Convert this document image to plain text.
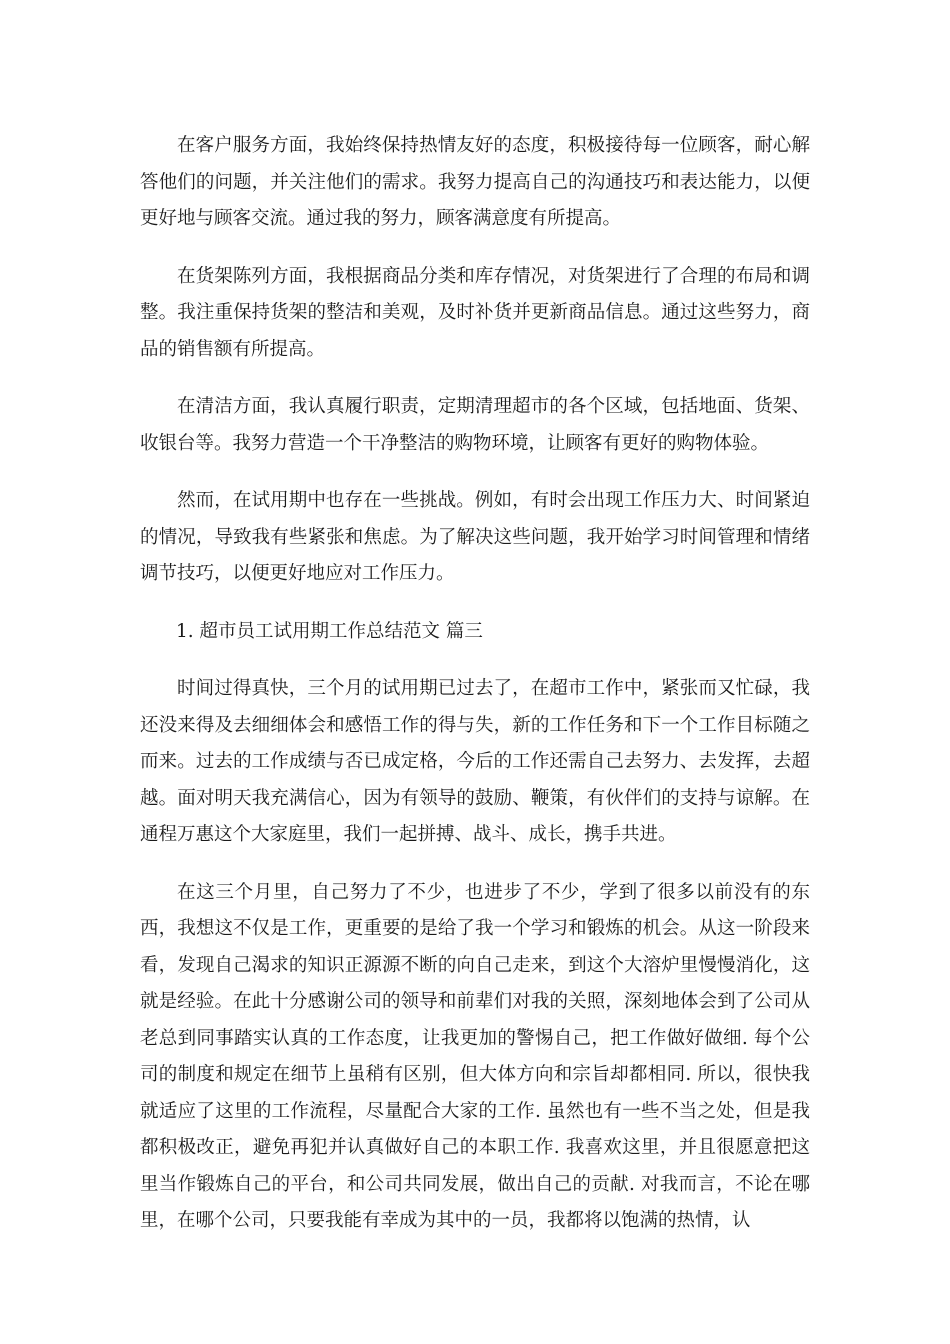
在客户服务方面，我始终保持热情友好的态度，积极接待每一位顾客，耐心解答他们的问题，并关注他们的需求。我努力提高自己的沟通技巧和表达能力，以便更好地与顾客交流。通过我的努力，顾客满意度有所提高。

在货架陈列方面，我根据商品分类和库存情况，对货架进行了合理的布局和调整。我注重保持货架的整洁和美观，及时补货并更新商品信息。通过这些努力，商品的销售额有所提高。

在清洁方面，我认真履行职责，定期清理超市的各个区域，包括地面、货架、收银台等。我努力营造一个干净整洁的购物环境，让顾客有更好的购物体验。

然而，在试用期中也存在一些挑战。例如，有时会出现工作压力大、时间紧迫的情况，导致我有些紧张和焦虑。为了解决这些问题，我开始学习时间管理和情绪调节技巧，以便更好地应对工作压力。

1. 超市员工试用期工作总结范文 篇三

时间过得真快，三个月的试用期已过去了，在超市工作中，紧张而又忙碌，我还没来得及去细细体会和感悟工作的得与失，新的工作任务和下一个工作目标随之而来。过去的工作成绩与否已成定格，今后的工作还需自己去努力、去发挥，去超越。面对明天我充满信心，因为有领导的鼓励、鞭策，有伙伴们的支持与谅解。在通程万惠这个大家庭里，我们一起拼搏、战斗、成长，携手共进。

在这三个月里，自己努力了不少，也进步了不少，学到了很多以前没有的东西，我想这不仅是工作，更重要的是给了我一个学习和锻炼的机会。从这一阶段来看，发现自己渴求的知识正源源不断的向自己走来，到这个大溶炉里慢慢消化，这就是经验。在此十分感谢公司的领导和前辈们对我的关照，深刻地体会到了公司从老总到同事踏实认真的工作态度，让我更加的警惕自己，把工作做好做细. 每个公司的制度和规定在细节上虽稍有区别，但大体方向和宗旨却都相同. 所以，很快我就适应了这里的工作流程，尽量配合大家的工作. 虽然也有一些不当之处，但是我都积极改正，避免再犯并认真做好自己的本职工作. 我喜欢这里，并且很愿意把这里当作锻炼自己的平台，和公司共同发展，做出自己的贡献. 对我而言，不论在哪里，在哪个公司，只要我能有幸成为其中的一员，我都将以饱满的热情，认
